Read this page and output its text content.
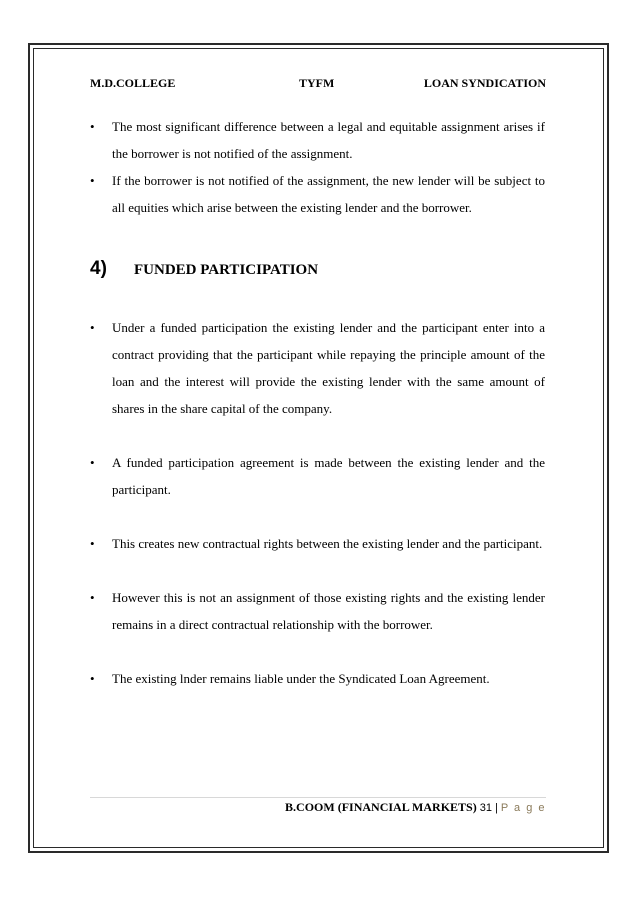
M.D.COLLEGE	TYFM	LOAN SYNDICATION
• The most significant difference between a legal and equitable assignment arises if the borrower is not notified of the assignment.
• If the borrower is not notified of the assignment, the new lender will be subject to all equities which arise between the existing lender and the borrower.
4) FUNDED PARTICIPATION
• Under a funded participation the existing lender and the participant enter into a contract providing that the participant while repaying the principle amount of the loan and the interest will provide the existing lender with the same amount of shares in the share capital of the company.
• A funded participation agreement is made between the existing lender and the participant.
• This creates new contractual rights between the existing lender and the participant.
• However this is not an assignment of those existing rights and the existing lender remains in a direct contractual relationship with the borrower.
• The existing lnder remains liable under the Syndicated Loan Agreement.
B.COOM (FINANCIAL MARKETS) 31 | P a g e
